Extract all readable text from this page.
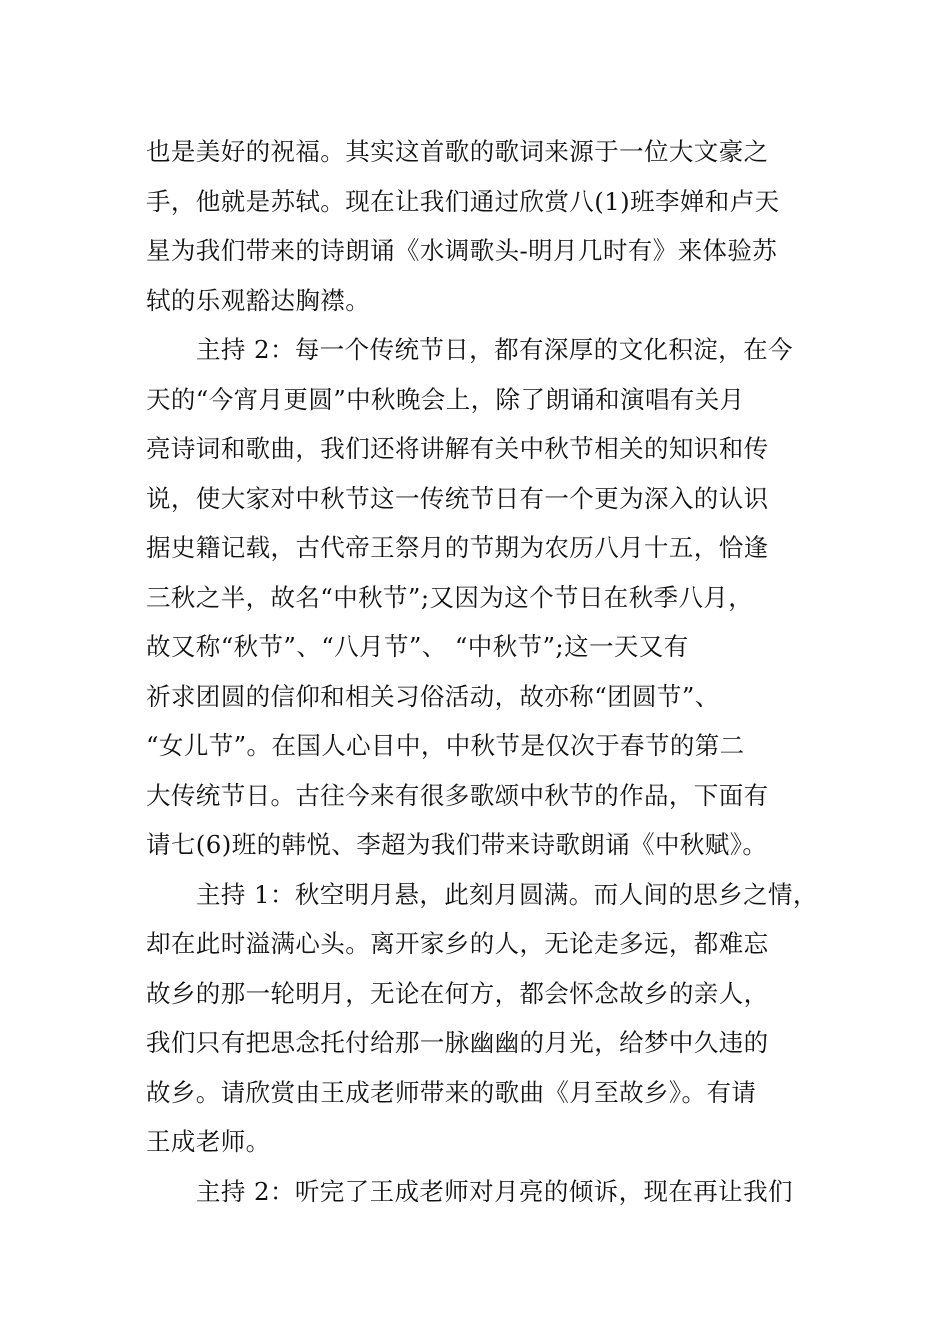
也是美好的祝福。其实这首歌的歌词来源于一位大文豪之
手，他就是苏轼。现在让我们通过欣赏八(1)班李婵和卢天
星为我们带来的诗朗诵《水调歌头-明月几时有》来体验苏
轼的乐观豁达胸襟。
主持 2：每一个传统节日，都有深厚的文化积淀，在今
天的“今宵月更圆”中秋晚会上，除了朗诵和演唱有关月
亮诗词和歌曲，我们还将讲解有关中秋节相关的知识和传
说，使大家对中秋节这一传统节日有一个更为深入的认识
据史籍记载，古代帝王祭月的节期为农历八月十五，恰逢
三秋之半，故名“中秋节”;又因为这个节日在秋季八月，
故又称“秋节”、“八月节”、 “中秋节”;这一天又有
祈求团圆的信仰和相关习俗活动，故亦称“团圆节”、
“女儿节”。在国人心目中，中秋节是仅次于春节的第二
大传统节日。古往今来有很多歌颂中秋节的作品，下面有
请七(6)班的韩悦、李超为我们带来诗歌朗诵《中秋赋》。
主持 1：秋空明月悬，此刻月圆满。而人间的思乡之情，
却在此时溢满心头。离开家乡的人，无论走多远，都难忘
故乡的那一轮明月，无论在何方，都会怀念故乡的亲人，
我们只有把思念托付给那一脉幽幽的月光，给梦中久违的
故乡。请欣赏由王成老师带来的歌曲《月至故乡》。有请
王成老师。
主持 2：听完了王成老师对月亮的倾诉，现在再让我们
